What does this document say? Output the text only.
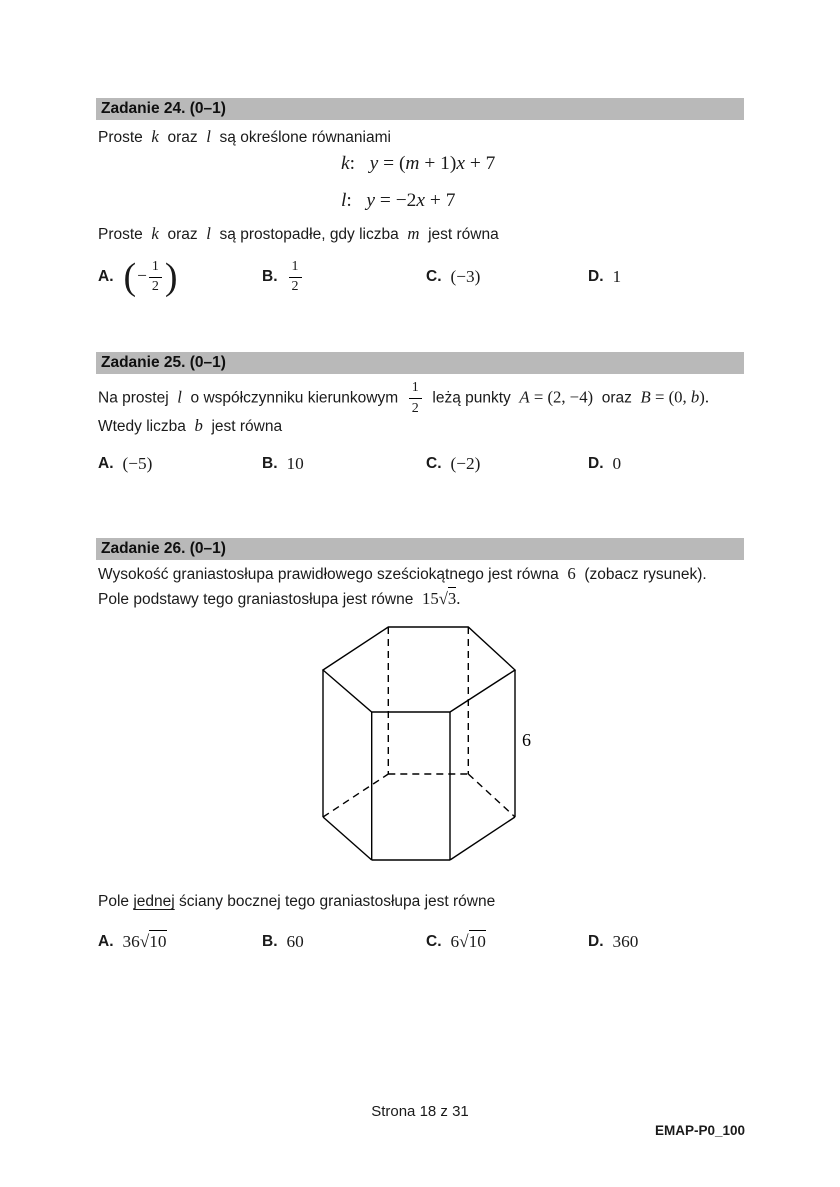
Zadanie 24. (0–1)
Proste  k  oraz  l  są określone równaniami
k:   y = (m + 1)x + 7
l:   y = −2x + 7
Proste  k  oraz  l  są prostopadłe, gdy liczba  m  jest równa
A. (− $\frac{1}{2}$ )	B. $\frac{1}{2}$	C. (−3)	D. 1
Zadanie 25. (0–1)
Na prostej  l  o współczynniku kierunkowym $\frac{1}{2}$ leżą punkty  A = (2, −4)  oraz  B = (0, b).
Wtedy liczba  b  jest równa
A. (−5)	B. 10	C. (−2)	D. 0
Zadanie 26. (0–1)
Wysokość graniastosłupa prawidłowego sześciokątnego jest równa  6  (zobacz rysunek).
Pole podstawy tego graniastosłupa jest równe  15√3.
6
Pole jednej ściany bocznej tego graniastosłupa jest równe
A. 36√10	B. 60	C. 6√10	D. 360
Strona 18 z 31
EMAP-P0_100
